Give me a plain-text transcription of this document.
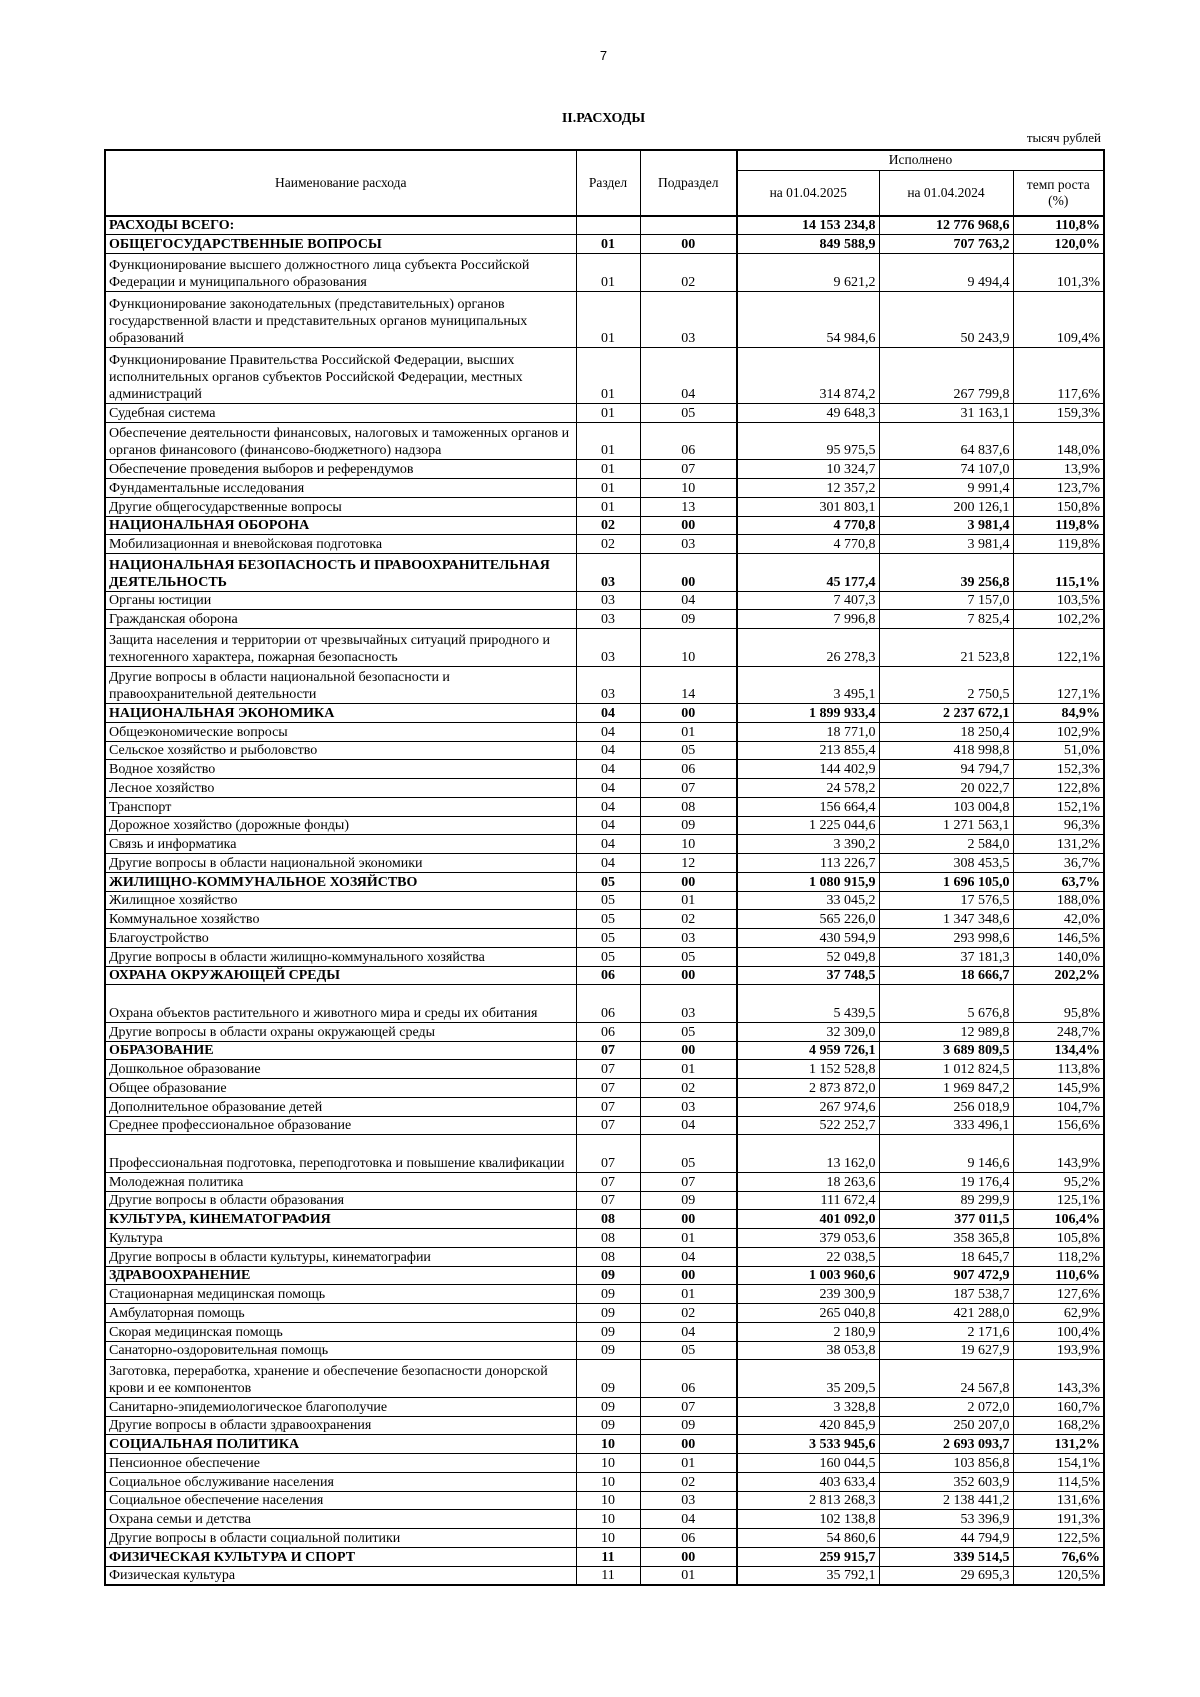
7
II.РАСХОДЫ
тысяч рублей
Наименование расхода	Раздел	Подраздел	Исполнено		
			на 01.04.2025	на 01.04.2024	темп роста (%)
РАСХОДЫ ВСЕГО:			14 153 234,8	12 776 968,6	110,8%
ОБЩЕГОСУДАРСТВЕННЫЕ ВОПРОСЫ	01	00	849 588,9	707 763,2	120,0%
Функционирование высшего должностного лица субъекта Российской Федерации и муниципального образования	01	02	9 621,2	9 494,4	101,3%
Функционирование законодательных (представительных) органов государственной власти и представительных органов муниципальных образований	01	03	54 984,6	50 243,9	109,4%
Функционирование Правительства Российской Федерации, высших исполнительных органов субъектов Российской Федерации, местных администраций	01	04	314 874,2	267 799,8	117,6%
Судебная система	01	05	49 648,3	31 163,1	159,3%
Обеспечение деятельности финансовых, налоговых и таможенных органов и органов финансового (финансово-бюджетного) надзора	01	06	95 975,5	64 837,6	148,0%
Обеспечение проведения выборов и референдумов	01	07	10 324,7	74 107,0	13,9%
Фундаментальные исследования	01	10	12 357,2	9 991,4	123,7%
Другие общегосударственные вопросы	01	13	301 803,1	200 126,1	150,8%
НАЦИОНАЛЬНАЯ ОБОРОНА	02	00	4 770,8	3 981,4	119,8%
Мобилизационная и вневойсковая подготовка	02	03	4 770,8	3 981,4	119,8%
НАЦИОНАЛЬНАЯ БЕЗОПАСНОСТЬ И ПРАВООХРАНИТЕЛЬНАЯ ДЕЯТЕЛЬНОСТЬ	03	00	45 177,4	39 256,8	115,1%
Органы юстиции	03	04	7 407,3	7 157,0	103,5%
Гражданская оборона	03	09	7 996,8	7 825,4	102,2%
Защита населения и территории от чрезвычайных ситуаций природного и техногенного характера, пожарная безопасность	03	10	26 278,3	21 523,8	122,1%
Другие вопросы в области национальной безопасности и правоохранительной деятельности	03	14	3 495,1	2 750,5	127,1%
НАЦИОНАЛЬНАЯ ЭКОНОМИКА	04	00	1 899 933,4	2 237 672,1	84,9%
Общеэкономические вопросы	04	01	18 771,0	18 250,4	102,9%
Сельское хозяйство и рыболовство	04	05	213 855,4	418 998,8	51,0%
Водное хозяйство	04	06	144 402,9	94 794,7	152,3%
Лесное хозяйство	04	07	24 578,2	20 022,7	122,8%
Транспорт	04	08	156 664,4	103 004,8	152,1%
Дорожное хозяйство (дорожные фонды)	04	09	1 225 044,6	1 271 563,1	96,3%
Связь и информатика	04	10	3 390,2	2 584,0	131,2%
Другие вопросы в области национальной экономики	04	12	113 226,7	308 453,5	36,7%
ЖИЛИЩНО-КОММУНАЛЬНОЕ ХОЗЯЙСТВО	05	00	1 080 915,9	1 696 105,0	63,7%
Жилищное хозяйство	05	01	33 045,2	17 576,5	188,0%
Коммунальное хозяйство	05	02	565 226,0	1 347 348,6	42,0%
Благоустройство	05	03	430 594,9	293 998,6	146,5%
Другие вопросы в области жилищно-коммунального хозяйства	05	05	52 049,8	37 181,3	140,0%
ОХРАНА ОКРУЖАЮЩЕЙ СРЕДЫ	06	00	37 748,5	18 666,7	202,2%
Охрана объектов растительного и животного мира и среды их обитания	06	03	5 439,5	5 676,8	95,8%
Другие вопросы в области охраны окружающей среды	06	05	32 309,0	12 989,8	248,7%
ОБРАЗОВАНИЕ	07	00	4 959 726,1	3 689 809,5	134,4%
Дошкольное образование	07	01	1 152 528,8	1 012 824,5	113,8%
Общее образование	07	02	2 873 872,0	1 969 847,2	145,9%
Дополнительное образование детей	07	03	267 974,6	256 018,9	104,7%
Среднее профессиональное образование	07	04	522 252,7	333 496,1	156,6%
Профессиональная подготовка, переподготовка и повышение квалификации	07	05	13 162,0	9 146,6	143,9%
Молодежная политика	07	07	18 263,6	19 176,4	95,2%
Другие вопросы в области образования	07	09	111 672,4	89 299,9	125,1%
КУЛЬТУРА, КИНЕМАТОГРАФИЯ	08	00	401 092,0	377 011,5	106,4%
Культура	08	01	379 053,6	358 365,8	105,8%
Другие вопросы в области культуры, кинематографии	08	04	22 038,5	18 645,7	118,2%
ЗДРАВООХРАНЕНИЕ	09	00	1 003 960,6	907 472,9	110,6%
Стационарная медицинская помощь	09	01	239 300,9	187 538,7	127,6%
Амбулаторная помощь	09	02	265 040,8	421 288,0	62,9%
Скорая медицинская помощь	09	04	2 180,9	2 171,6	100,4%
Санаторно-оздоровительная помощь	09	05	38 053,8	19 627,9	193,9%
Заготовка, переработка, хранение и обеспечение безопасности донорской крови и ее компонентов	09	06	35 209,5	24 567,8	143,3%
Санитарно-эпидемиологическое благополучие	09	07	3 328,8	2 072,0	160,7%
Другие вопросы в области здравоохранения	09	09	420 845,9	250 207,0	168,2%
СОЦИАЛЬНАЯ ПОЛИТИКА	10	00	3 533 945,6	2 693 093,7	131,2%
Пенсионное обеспечение	10	01	160 044,5	103 856,8	154,1%
Социальное обслуживание населения	10	02	403 633,4	352 603,9	114,5%
Социальное обеспечение населения	10	03	2 813 268,3	2 138 441,2	131,6%
Охрана семьи и детства	10	04	102 138,8	53 396,9	191,3%
Другие вопросы в области социальной политики	10	06	54 860,6	44 794,9	122,5%
ФИЗИЧЕСКАЯ КУЛЬТУРА И СПОРТ	11	00	259 915,7	339 514,5	76,6%
Физическая культура	11	01	35 792,1	29 695,3	120,5%
